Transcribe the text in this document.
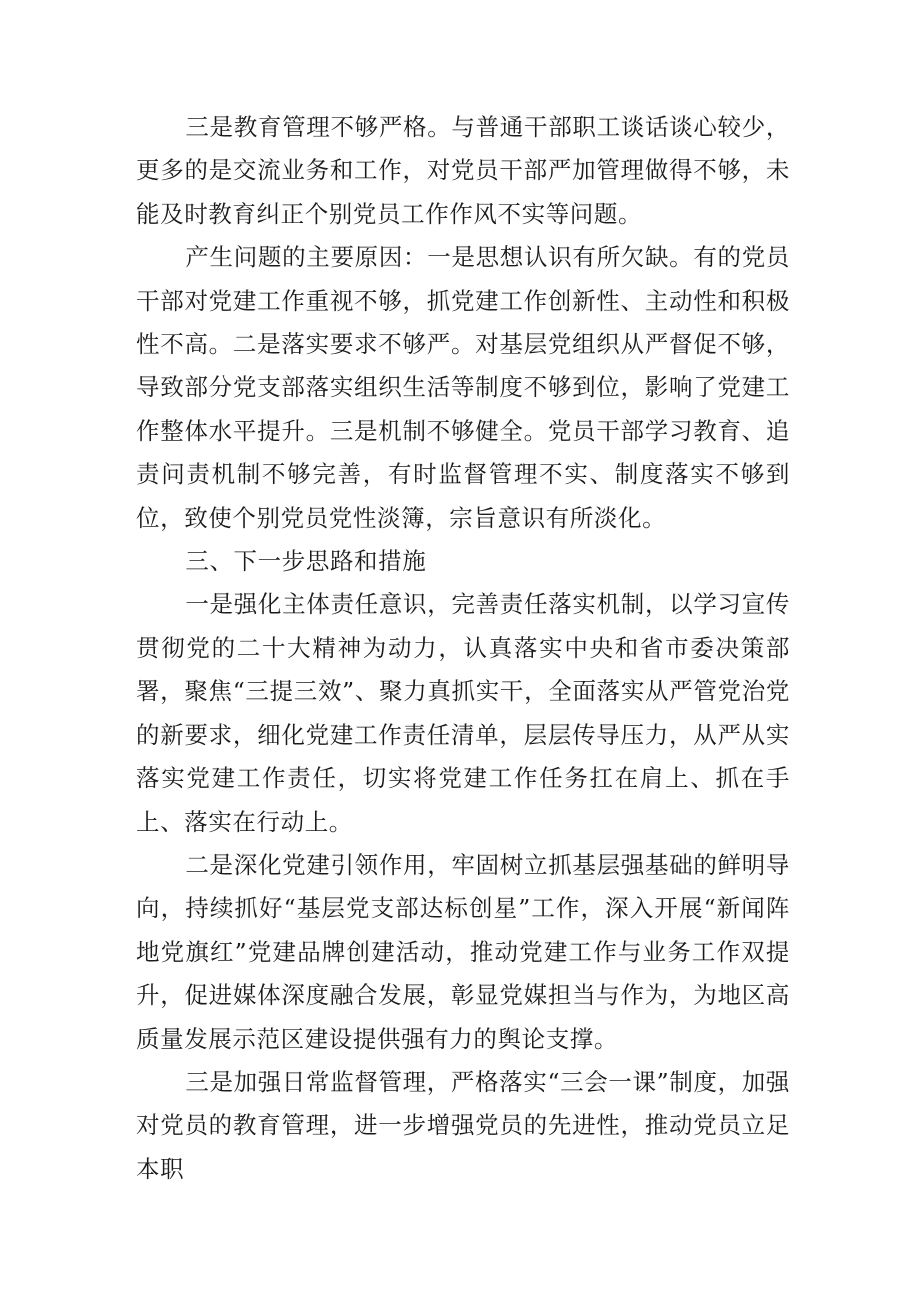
三是教育管理不够严格。与普通干部职工谈话谈心较少，更多的是交流业务和工作，对党员干部严加管理做得不够，未能及时教育纠正个别党员工作作风不实等问题。

产生问题的主要原因：一是思想认识有所欠缺。有的党员干部对党建工作重视不够，抓党建工作创新性、主动性和积极性不高。二是落实要求不够严。对基层党组织从严督促不够，导致部分党支部落实组织生活等制度不够到位，影响了党建工作整体水平提升。三是机制不够健全。党员干部学习教育、追责问责机制不够完善，有时监督管理不实、制度落实不够到位，致使个别党员党性淡簿，宗旨意识有所淡化。

三、下一步思路和措施

一是强化主体责任意识，完善责任落实机制，以学习宣传贯彻党的二十大精神为动力，认真落实中央和省市委决策部署，聚焦“三提三效”、聚力真抓实干，全面落实从严管党治党的新要求，细化党建工作责任清单，层层传导压力，从严从实落实党建工作责任，切实将党建工作任务扛在肩上、抓在手上、落实在行动上。

二是深化党建引领作用，牢固树立抓基层强基础的鲜明导向，持续抓好“基层党支部达标创星”工作，深入开展“新闻阵地党旗红”党建品牌创建活动，推动党建工作与业务工作双提升，促进媒体深度融合发展，彰显党媒担当与作为，为地区高质量发展示范区建设提供强有力的舆论支撑。

三是加强日常监督管理，严格落实“三会一课”制度，加强对党员的教育管理，进一步增强党员的先进性，推动党员立足本职
